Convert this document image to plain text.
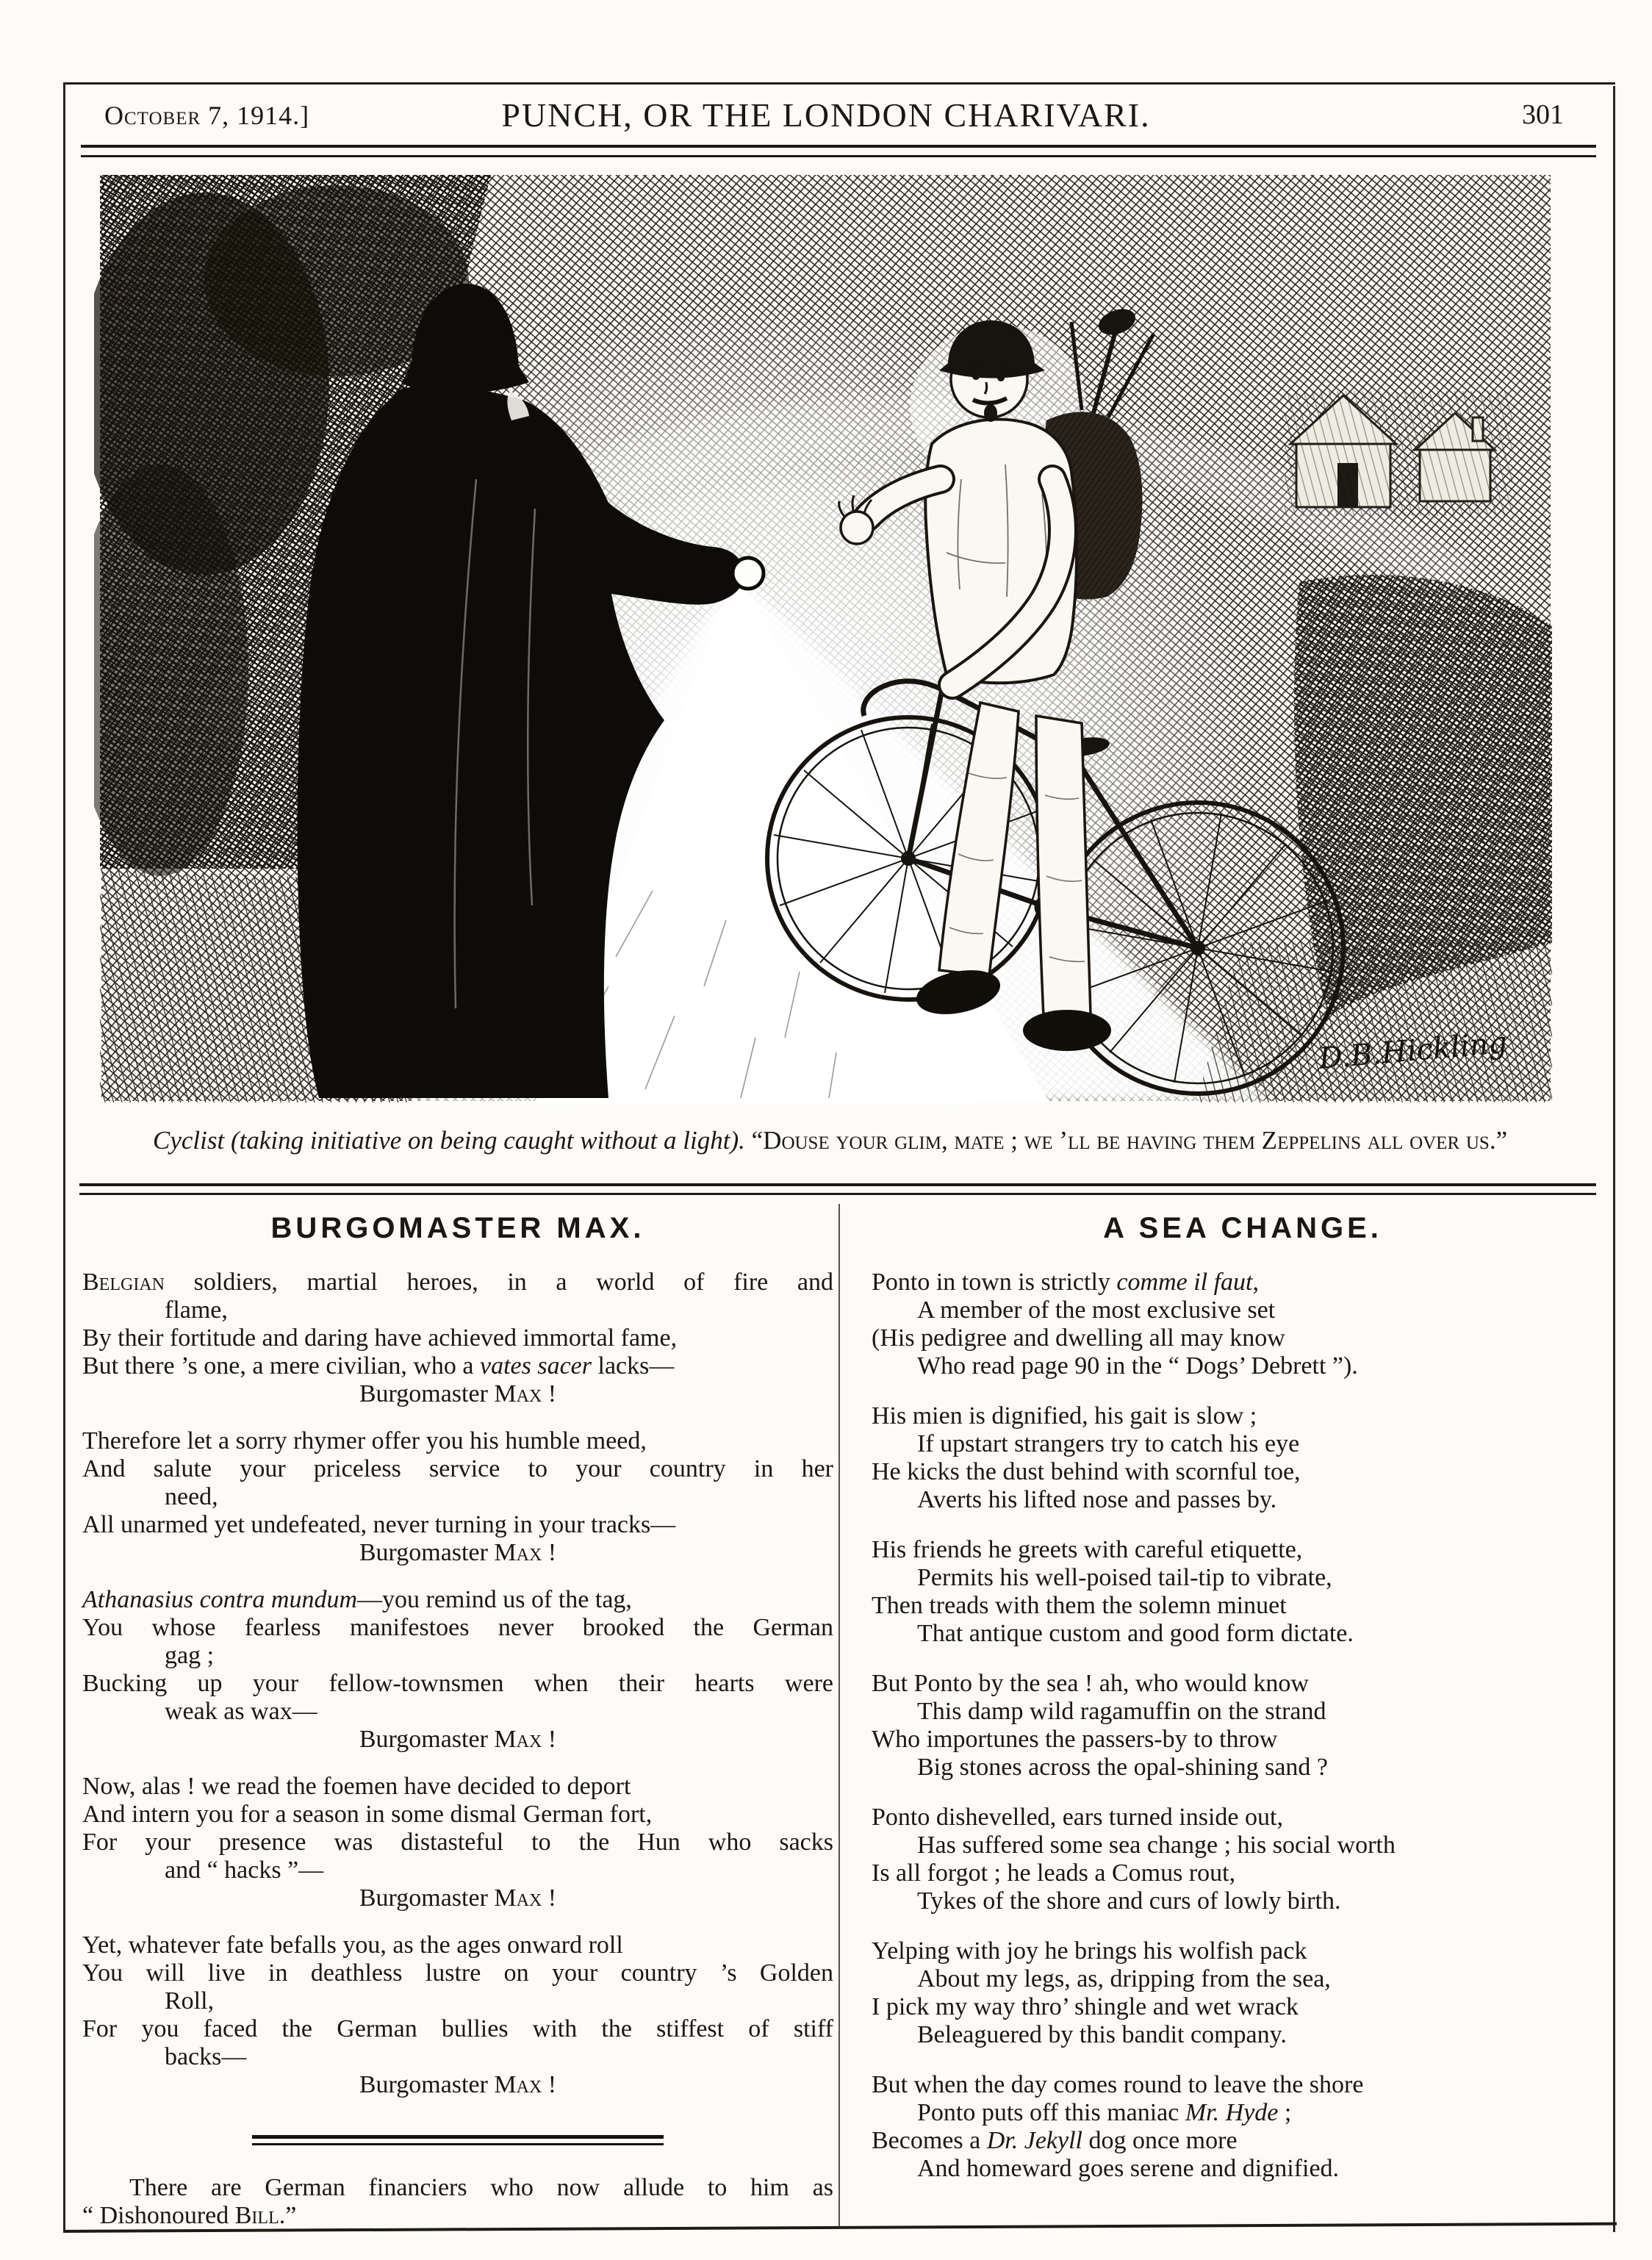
October 7, 1914.]	PUNCH, OR THE LONDON CHARIVARI.	301
D.B.Hickling
Cyclist (taking initiative on being caught without a light). “Douse your glim, mate ; we ’ll be having them Zeppelins all over us.”
BURGOMASTER MAX.
Belgian soldiers, martial heroes, in a world of fire and
flame,
By their fortitude and daring have achieved immortal fame,
But there ’s one, a mere civilian, who a vates sacer lacks—
Burgomaster Max !
Therefore let a sorry rhymer offer you his humble meed,
And salute your priceless service to your country in her
need,
All unarmed yet undefeated, never turning in your tracks—
Burgomaster Max !
Athanasius contra mundum—you remind us of the tag,
You whose fearless manifestoes never brooked the German
gag ;
Bucking up your fellow-townsmen when their hearts were
weak as wax—
Burgomaster Max !
Now, alas ! we read the foemen have decided to deport
And intern you for a season in some dismal German fort,
For your presence was distasteful to the Hun who sacks
and “ hacks ”—
Burgomaster Max !
Yet, whatever fate befalls you, as the ages onward roll
You will live in deathless lustre on your country ’s Golden
Roll,
For you faced the German bullies with the stiffest of stiff
backs—
Burgomaster Max !
There are German financiers who now allude to him as
“ Dishonoured Bill.”
A SEA CHANGE.
Ponto in town is strictly comme il faut,
A member of the most exclusive set
(His pedigree and dwelling all may know
Who read page 90 in the “ Dogs’ Debrett ”).
His mien is dignified, his gait is slow ;
If upstart strangers try to catch his eye
He kicks the dust behind with scornful toe,
Averts his lifted nose and passes by.
His friends he greets with careful etiquette,
Permits his well-poised tail-tip to vibrate,
Then treads with them the solemn minuet
That antique custom and good form dictate.
But Ponto by the sea ! ah, who would know
This damp wild ragamuffin on the strand
Who importunes the passers-by to throw
Big stones across the opal-shining sand ?
Ponto dishevelled, ears turned inside out,
Has suffered some sea change ; his social worth
Is all forgot ; he leads a Comus rout,
Tykes of the shore and curs of lowly birth.
Yelping with joy he brings his wolfish pack
About my legs, as, dripping from the sea,
I pick my way thro’ shingle and wet wrack
Beleaguered by this bandit company.
But when the day comes round to leave the shore
Ponto puts off this maniac Mr. Hyde ;
Becomes a Dr. Jekyll dog once more
And homeward goes serene and dignified.
